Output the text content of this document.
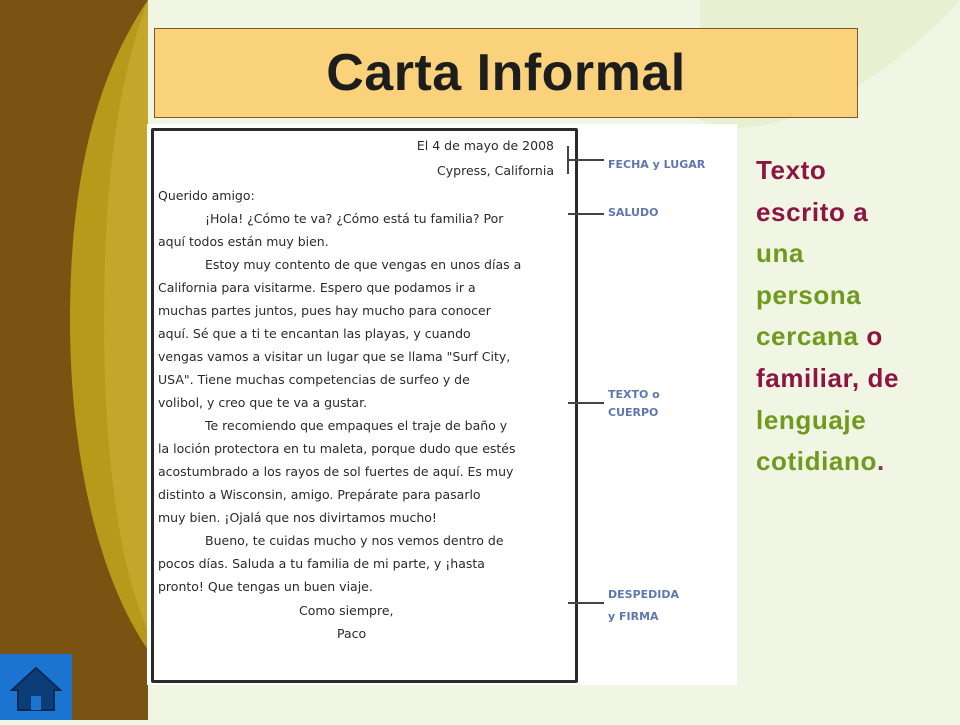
Carta Informal
El 4 de mayo de 2008
Cypress, California
Querido amigo:
¡Hola! ¿Cómo te va? ¿Cómo está tu familia? Por
aquí todos están muy bien.
Estoy muy contento de que vengas en unos días a
California para visitarme. Espero que podamos ir a
muchas partes juntos, pues hay mucho para conocer
aquí. Sé que a ti te encantan las playas, y cuando
vengas vamos a visitar un lugar que se llama "Surf City,
USA". Tiene muchas competencias de surfeo y de
volibol, y creo que te va a gustar.
Te recomiendo que empaques el traje de baño y
la loción protectora en tu maleta, porque dudo que estés
acostumbrado a los rayos de sol fuertes de aquí. Es muy
distinto a Wisconsin, amigo. Prepárate para pasarlo
muy bien. ¡Ojalá que nos divirtamos mucho!
Bueno, te cuidas mucho y nos vemos dentro de
pocos días. Saluda a tu familia de mi parte, y ¡hasta
pronto! Que tengas un buen viaje.
Como siempre,
Paco
FECHA y LUGAR
SALUDO
TEXTO o
CUERPO
DESPEDIDA
y FIRMA
Texto
escrito a
una
persona
cercana o
familiar, de
lenguaje
cotidiano.
